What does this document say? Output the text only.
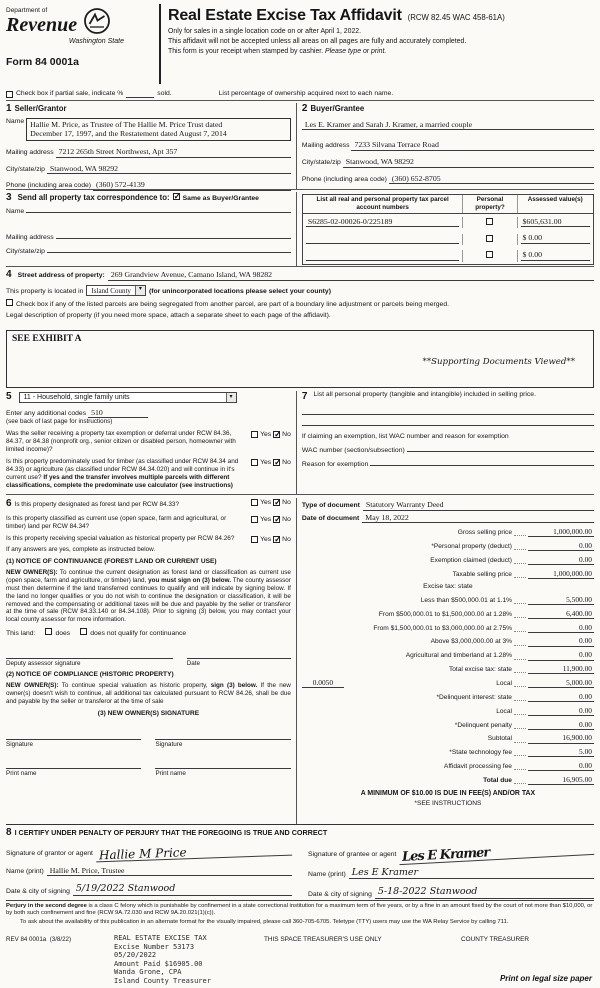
Department of
Revenue
Washington State
Form 84 0001a
Real Estate Excise Tax Affidavit (RCW 82.45 WAC 458-61A)
Only for sales in a single location code on or after April 1, 2022.
This affidavit will not be accepted unless all areas on all pages are fully and accurately completed.
This form is your receipt when stamped by cashier. Please type or print.
Check box if partial sale, indicate %	sold.	List percentage of ownership acquired next to each name.
1 Seller/Grantor
Name Hallie M. Price, as Trustee of The Hallie M. Price Trust dated
December 17, 1997, and the Restatement dated August 7, 2014
Mailing address 7212 265th Street Northwest, Apt 357
City/state/zip Stanwood, WA 98292
Phone (including area code) (360) 572-4139
2 Buyer/Grantee
Les E. Kramer and Sarah J. Kramer, a married couple
Mailing address 7233 Silvana Terrace Road
City/state/zip Stanwood, WA 98292
Phone (including area code) (360) 652-8705
3 Send all property tax correspondence to: ✓ Same as Buyer/Grantee
Name
Mailing address
City/state/zip
List all real and personal property tax parcel account numbers
Personal property?
Assessed value(s)
S6285-02-00026-0/225189	$605,631.00
$ 0.00
$ 0.00
4 Street address of property: 269 Grandview Avenue, Camano Island, WA 98282
This property is located in	Island County ▾	(for unincorporated locations please select your county)
Check box if any of the listed parcels are being segregated from another parcel, are part of a boundary line adjustment or parcels being merged.
Legal description of property (if you need more space, attach a separate sheet to each page of the affidavit).
SEE EXHIBIT A
**Supporting Documents Viewed**
5	11 - Household, single family units
▾
Enter any additional codes 510
(see back of last page for instructions)
Was the seller receiving a property tax exemption or deferral under RCW 84.36, 84.37, or 84.38 (nonprofit org., senior citizen or disabled person, homeowner with limited income)?
Yes ✓ No
Is this property predominately used for timber (as classified under RCW 84.34 and 84.33) or agriculture (as classified under RCW 84.34.020) and will continue in it's current use? If yes and the transfer involves multiple parcels with different classifications, complete the predominate use calculator (see instructions)
Yes ✓ No
7 List all personal property (tangible and intangible) included in selling price.
If claiming an exemption, list WAC number and reason for exemption
WAC number (section/subsection)
Reason for exemption
6 Is this property designated as forest land per RCW 84.33?	Yes ✓ No
Is this property classified as current use (open space, farm and agricultural, or timber) land per RCW 84.34?
Yes ✓ No
Is this property receiving special valuation as historical property per RCW 84.26?	Yes ✓ No
If any answers are yes, complete as instructed below.
(1) NOTICE OF CONTINUANCE (FOREST LAND OR CURRENT USE)
NEW OWNER(S): To continue the current designation as forest land or classification as current use (open space, farm and agriculture, or timber) land, you must sign on (3) below. The county assessor must then determine if the land transferred continues to qualify and will indicate by signing below. If the land no longer qualifies or you do not wish to continue the designation or classification, it will be removed and the compensating or additional taxes will be due and payable by the seller or transferor at the time of sale (RCW 84.33.140 or 84.34.108). Prior to signing (3) below, you may contact your local county assessor for more information.
This land:	does	does not qualify for continuance
Deputy assessor signature	Date
(2) NOTICE OF COMPLIANCE (HISTORIC PROPERTY)
NEW OWNER(S): To continue special valuation as historic property, sign (3) below. If the new owner(s) doesn't wish to continue, all additional tax calculated pursuant to RCW 84.26, shall be due and payable by the seller or transferor at the time of sale
(3) NEW OWNER(S) SIGNATURE
Signature	Signature
Print name	Print name
Type of document Statutory Warranty Deed
Date of document May 18, 2022
Gross selling price	1,000,000.00
*Personal property (deduct)	0.00
Exemption claimed (deduct)	0.00
Taxable selling price	1,000,000.00
Excise tax: state
Less than $500,000.01 at 1.1%	5,500.00
From $500,000.01 to $1,500,000.00 at 1.28%	6,400.00
From $1,500,000.01 to $3,000,000.00 at 2.75%	0.00
Above $3,000,000.00 at 3%	0.00
Agricultural and timberland at 1.28%	0.00
Total excise tax: state	11,900.00
0.0050	Local	5,000.00
*Delinquent interest: state	0.00
Local	0.00
*Delinquent penalty	0.00
Subtotal	16,900.00
*State technology fee	5.00
Affidavit processing fee	0.00
Total due	16,905.00
A MINIMUM OF $10.00 IS DUE IN FEE(S) AND/OR TAX
*SEE INSTRUCTIONS
8 I CERTIFY UNDER PENALTY OF PERJURY THAT THE FOREGOING IS TRUE AND CORRECT
Signature of grantor or agent Hallie M Price
Name (print) Hallie M. Price, Trustee
Date & city of signing 5/19/2022 Stanwood
Signature of grantee or agent Les E Kramer
Name (print) Les E Kramer
Date & city of signing 5-18-2022 Stanwood
Perjury in the second degree is a class C felony which is punishable by confinement in a state correctional institution for a maximum term of five years, or by a fine in an amount fixed by the court of not more than $10,000, or by both such confinement and fine (RCW 9A.72.030 and RCW 9A.20.021(1)(c)).
To ask about the availability of this publication in an alternate format for the visually impaired, please call 360-705-6705. Teletype (TTY) users may use the WA Relay Service by calling 711.
REV 84 0001a (3/8/22)	REAL ESTATE EXCISE TAX
Excise Number 53173
05/20/2022
Amount Paid $16905.00
Wanda Grone, CPA
Island County Treasurer
THIS SPACE TREASURER'S USE ONLY	COUNTY TREASURER
Print on legal size paper
